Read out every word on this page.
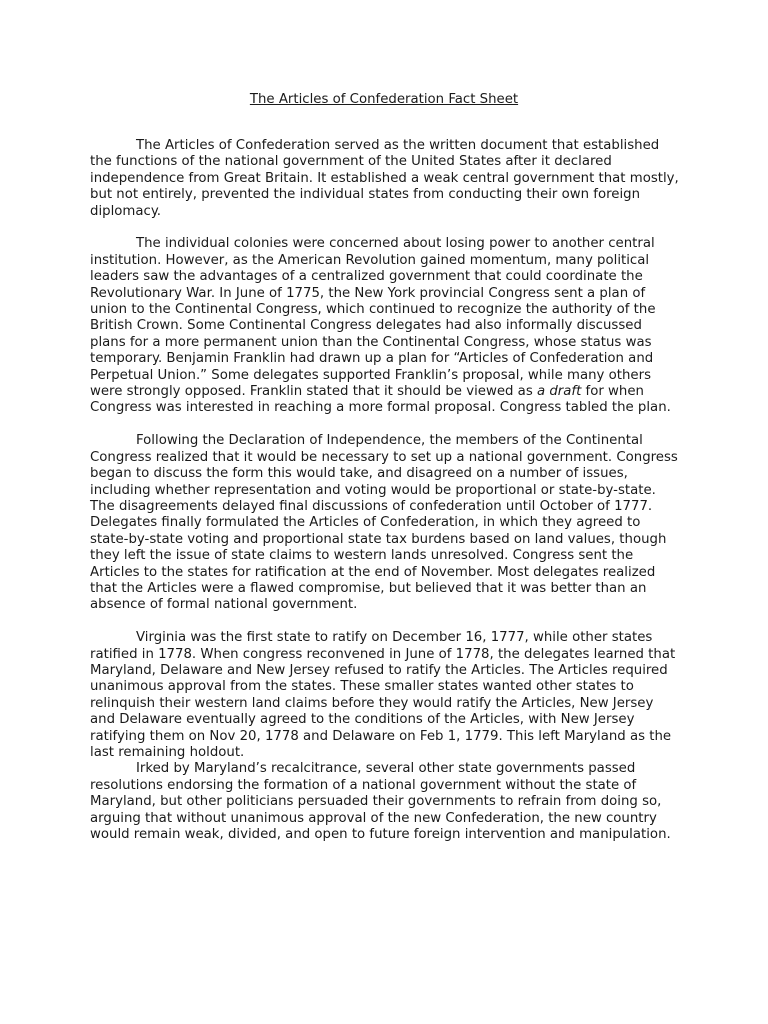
The Articles of Confederation Fact Sheet

The Articles of Confederation served as the written document that established the functions of the national government of the United States after it declared independence from Great Britain. It established a weak central government that mostly, but not entirely, prevented the individual states from conducting their own foreign diplomacy.

The individual colonies were concerned about losing power to another central institution. However, as the American Revolution gained momentum, many political leaders saw the advantages of a centralized government that could coordinate the Revolutionary War. In June of 1775, the New York provincial Congress sent a plan of union to the Continental Congress, which continued to recognize the authority of the British Crown. Some Continental Congress delegates had also informally discussed plans for a more permanent union than the Continental Congress, whose status was temporary. Benjamin Franklin had drawn up a plan for “Articles of Confederation and Perpetual Union.” Some delegates supported Franklin’s proposal, while many others were strongly opposed. Franklin stated that it should be viewed as a draft for when Congress was interested in reaching a more formal proposal. Congress tabled the plan.

Following the Declaration of Independence, the members of the Continental Congress realized that it would be necessary to set up a national government. Congress began to discuss the form this would take, and disagreed on a number of issues, including whether representation and voting would be proportional or state-by-state. The disagreements delayed final discussions of confederation until October of 1777. Delegates finally formulated the Articles of Confederation, in which they agreed to state-by-state voting and proportional state tax burdens based on land values, though they left the issue of state claims to western lands unresolved. Congress sent the Articles to the states for ratification at the end of November. Most delegates realized that the Articles were a flawed compromise, but believed that it was better than an absence of formal national government.

Virginia was the first state to ratify on December 16, 1777, while other states ratified in 1778. When congress reconvened in June of 1778, the delegates learned that Maryland, Delaware and New Jersey refused to ratify the Articles. The Articles required unanimous approval from the states. These smaller states wanted other states to relinquish their western land claims before they would ratify the Articles, New Jersey and Delaware eventually agreed to the conditions of the Articles, with New Jersey ratifying them on Nov 20, 1778 and Delaware on Feb 1, 1779. This left Maryland as the last remaining holdout.

Irked by Maryland’s recalcitrance, several other state governments passed resolutions endorsing the formation of a national government without the state of Maryland, but other politicians persuaded their governments to refrain from doing so, arguing that without unanimous approval of the new Confederation, the new country would remain weak, divided, and open to future foreign intervention and manipulation.
